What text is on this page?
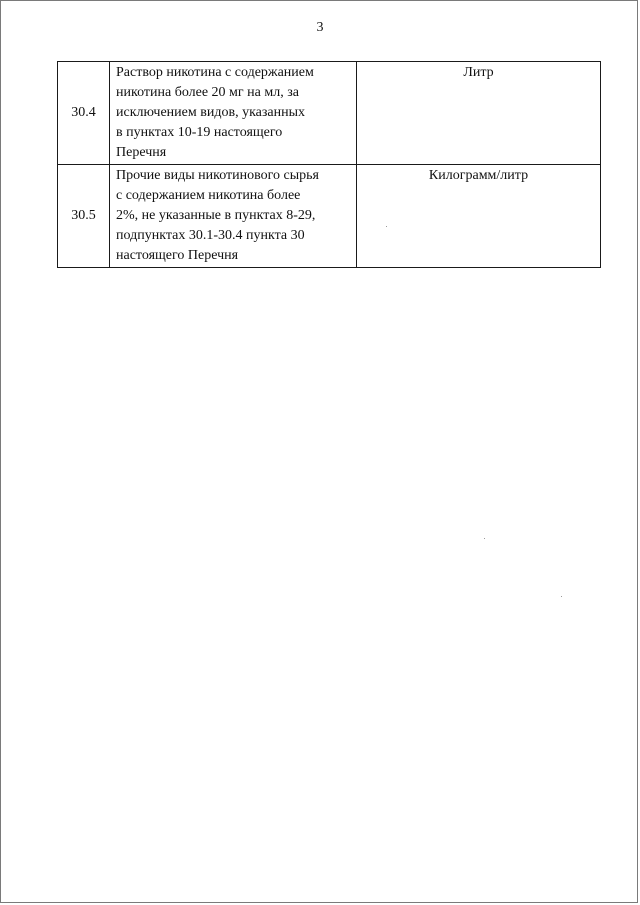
3
30.4	Раствор никотина с содержанием
никотина более 20 мг на мл, за
исключением видов, указанных
в пунктах 10-19 настоящего
Перечня	Литр
30.5	Прочие виды никотинового сырья
с содержанием никотина более
2%, не указанные в пунктах 8-29,
подпунктах 30.1-30.4 пункта 30
настоящего Перечня	Килограмм/литр
